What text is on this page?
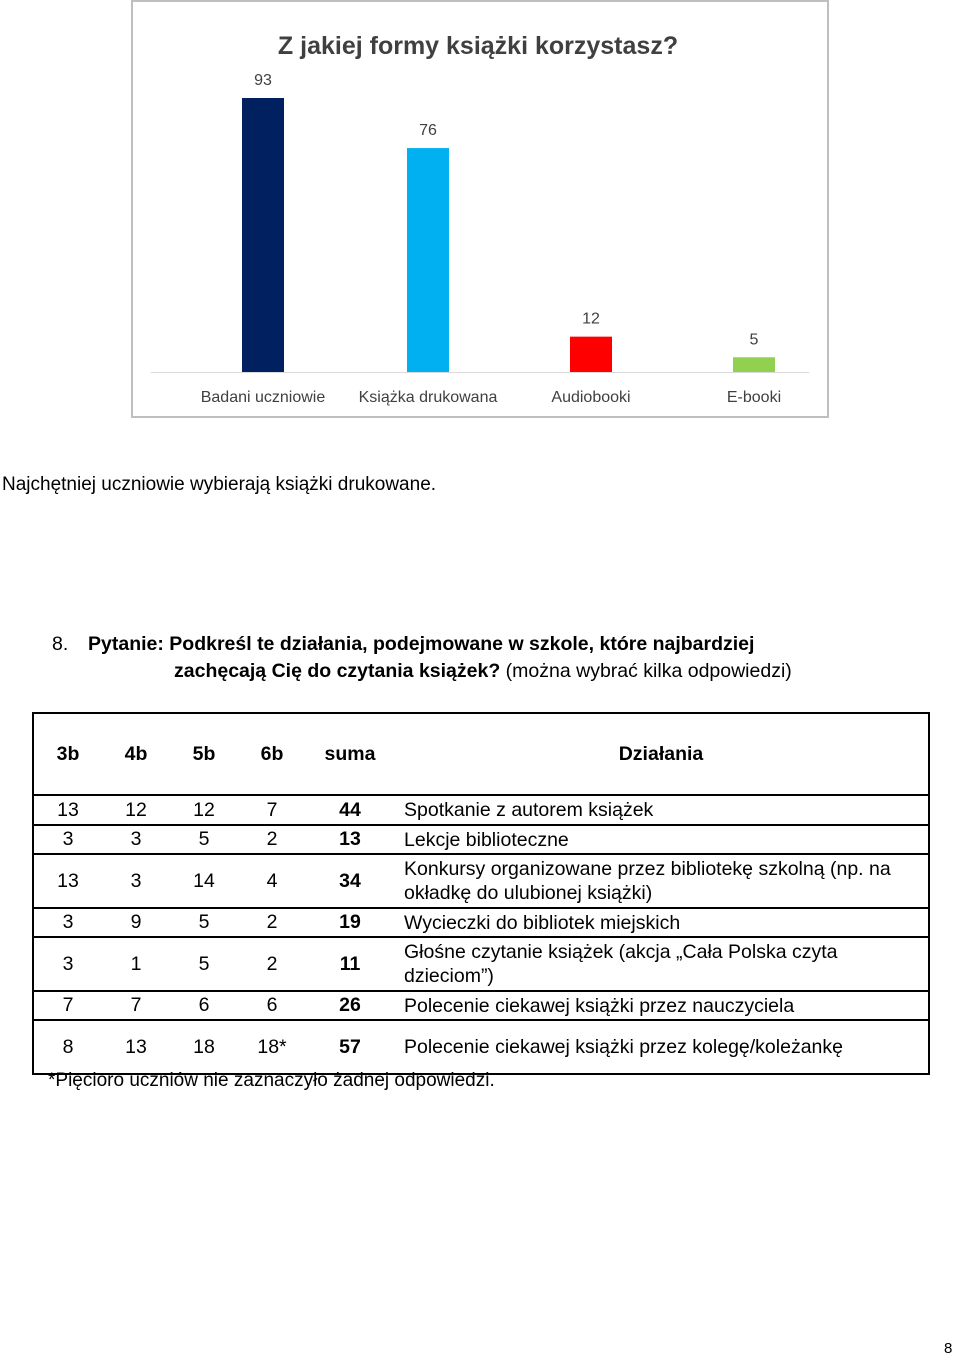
Z jakiej formy książki korzystasz?
93
Badani uczniowie
76
Książka drukowana
12
Audiobooki
5
E-booki
Najchętniej uczniowie wybierają książki drukowane.
8. Pytanie: Podkreśl te działania, podejmowane w szkole, które najbardziej
zachęcają Cię do czytania książek? (można wybrać kilka odpowiedzi)
3b	4b	5b	6b	suma	Działania
13	12	12	7	44	Spotkanie z autorem książek
3	3	5	2	13	Lekcje biblioteczne
13	3	14	4	34	Konkursy organizowane przez bibliotekę szkolną (np. na okładkę do ulubionej książki)
3	9	5	2	19	Wycieczki do bibliotek miejskich
3	1	5	2	11	Głośne czytanie książek (akcja „Cała Polska czyta dzieciom”)
7	7	6	6	26	Polecenie ciekawej książki przez nauczyciela
8	13	18	18*	57	Polecenie ciekawej książki przez kolegę/koleżankę
*Pięcioro uczniów nie zaznaczyło żadnej odpowiedzi.
8
